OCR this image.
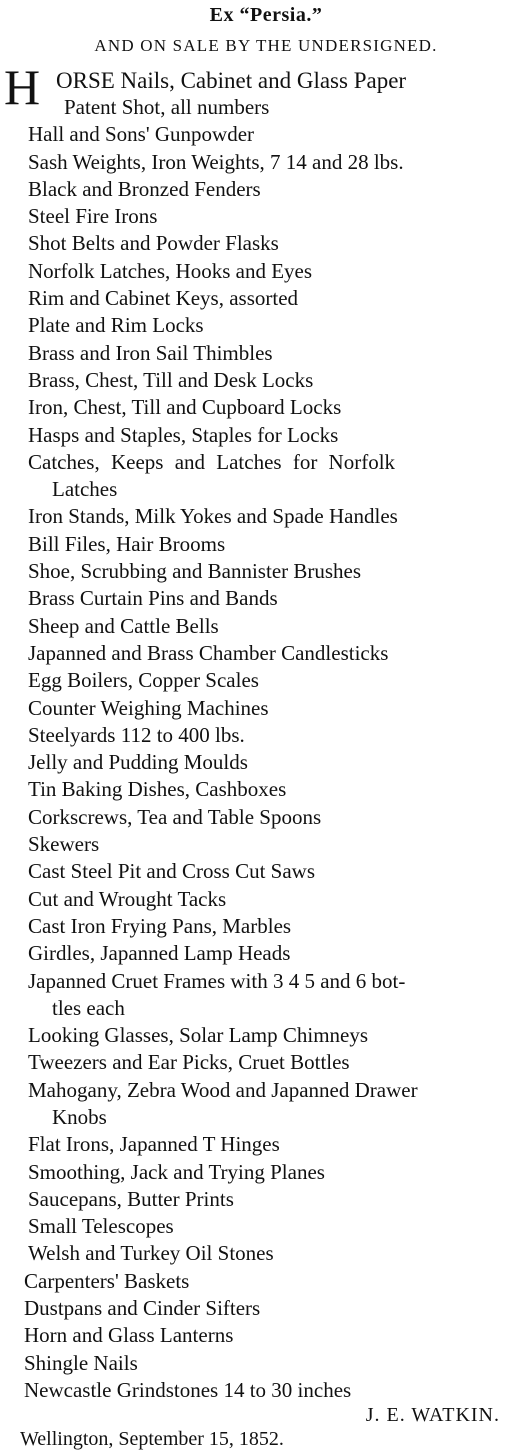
Ex “Persia.”
AND ON SALE BY THE UNDERSIGNED.
H ORSE Nails, Cabinet and Glass Paper
Patent Shot, all numbers
Hall and Sons' Gunpowder
Sash Weights, Iron Weights, 7 14 and 28 lbs.
Black and Bronzed Fenders
Steel Fire Irons
Shot Belts and Powder Flasks
Norfolk Latches, Hooks and Eyes
Rim and Cabinet Keys, assorted
Plate and Rim Locks
Brass and Iron Sail Thimbles
Brass, Chest, Till and Desk Locks
Iron, Chest, Till and Cupboard Locks
Hasps and Staples, Staples for Locks
Catches, Keeps and Latches for Norfolk
Latches
Iron Stands, Milk Yokes and Spade Handles
Bill Files, Hair Brooms
Shoe, Scrubbing and Bannister Brushes
Brass Curtain Pins and Bands
Sheep and Cattle Bells
Japanned and Brass Chamber Candlesticks
Egg Boilers, Copper Scales
Counter Weighing Machines
Steelyards 112 to 400 lbs.
Jelly and Pudding Moulds
Tin Baking Dishes, Cashboxes
Corkscrews, Tea and Table Spoons
Skewers
Cast Steel Pit and Cross Cut Saws
Cut and Wrought Tacks
Cast Iron Frying Pans, Marbles
Girdles, Japanned Lamp Heads
Japanned Cruet Frames with 3 4 5 and 6 bot-
tles each
Looking Glasses, Solar Lamp Chimneys
Tweezers and Ear Picks, Cruet Bottles
Mahogany, Zebra Wood and Japanned Drawer
Knobs
Flat Irons, Japanned T Hinges
Smoothing, Jack and Trying Planes
Saucepans, Butter Prints
Small Telescopes
Welsh and Turkey Oil Stones
Carpenters' Baskets
Dustpans and Cinder Sifters
Horn and Glass Lanterns
Shingle Nails
Newcastle Grindstones 14 to 30 inches
J. E. WATKIN.
Wellington, September 15, 1852.
